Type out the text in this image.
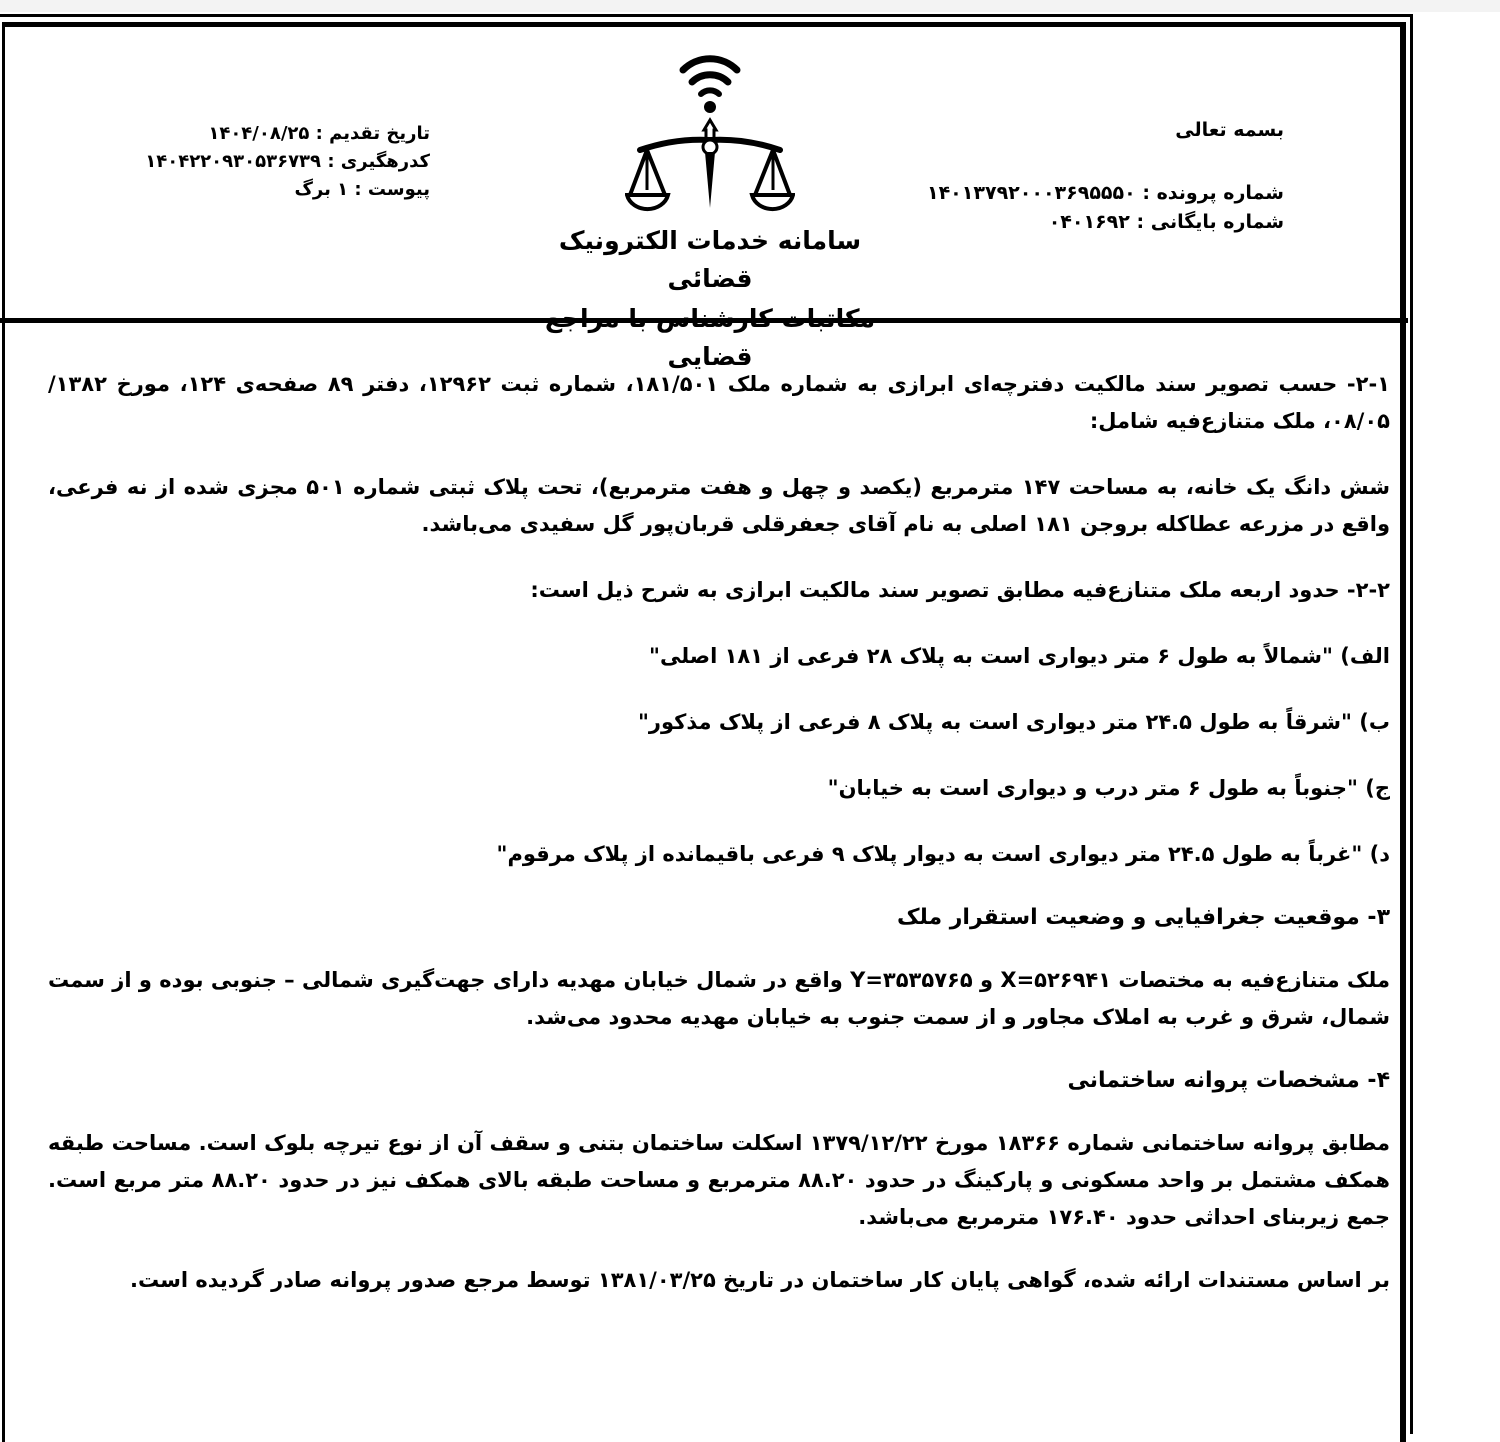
بسمه تعالی
شماره پرونده : ۱۴۰۱۳۷۹۲۰۰۰۳۶۹۵۵۵۰
شماره بایگانی : ۰۴۰۱۶۹۲
سامانه خدمات الکترونیک قضائی
مکاتبات کارشناس با مراجع قضایی
تاریخ تقدیم : ۱۴۰۴/۰۸/۲۵
کدرهگیری : ۱۴۰۴۲۲۰۹۳۰۵۳۶۷۳۹
پیوست : ۱ برگ

۲-۱- حسب تصویر سند مالکیت دفترچه‌ای ابرازی به شماره ملک ۱۸۱/۵۰۱، شماره ثبت ۱۲۹۶۲، دفتر ۸۹ صفحه‌ی ۱۲۴، مورخ ۱۳۸۲/ ۰۸/۰۵، ملک متنازع‌فیه شامل:

شش دانگ یک خانه، به مساحت ۱۴۷ مترمربع (یکصد و چهل و هفت مترمربع)، تحت پلاک ثبتی شماره ۵۰۱ مجزی شده از نه فرعی، واقع در مزرعه عطاکله بروجن ۱۸۱ اصلی به نام آقای جعفرقلی قربان‌پور گل سفیدی می‌باشد.

۲-۲- حدود اربعه ملک متنازع‌فیه مطابق تصویر سند مالکیت ابرازی به شرح ذیل است:

الف) "شمالاً به طول ۶ متر دیواری است به پلاک ۲۸ فرعی از ۱۸۱ اصلی"

ب) "شرقاً به طول ۲۴.۵ متر دیواری است به پلاک ۸ فرعی از پلاک مذکور"

ج) "جنوباً به طول ۶ متر درب و دیواری است به خیابان"

د) "غرباً به طول ۲۴.۵ متر دیواری است به دیوار پلاک ۹ فرعی باقیمانده از پلاک مرقوم"

۳- موقعیت جغرافیایی و وضعیت استقرار ملک

ملک متنازع‌فیه به مختصات X=۵۲۶۹۴۱ و Y=۳۵۳۵۷۶۵ واقع در شمال خیابان مهدیه دارای جهت‌گیری شمالی – جنوبی بوده و از سمت شمال، شرق و غرب به املاک مجاور و از سمت جنوب به خیابان مهدیه محدود می‌شد.

۴- مشخصات پروانه ساختمانی

مطابق پروانه ساختمانی شماره ۱۸۳۶۶ مورخ ۱۳۷۹/۱۲/۲۲ اسکلت ساختمان بتنی و سقف آن از نوع تیرچه بلوک است. مساحت طبقه همکف مشتمل بر واحد مسکونی و پارکینگ در حدود ۸۸.۲۰ مترمربع و مساحت طبقه بالای همکف نیز در حدود ۸۸.۲۰ متر مربع است. جمع زیربنای احداثی حدود ۱۷۶.۴۰ مترمربع می‌باشد.

بر اساس مستندات ارائه شده، گواهی پایان کار ساختمان در تاریخ ۱۳۸۱/۰۳/۲۵ توسط مرجع صدور پروانه صادر گردیده است.
